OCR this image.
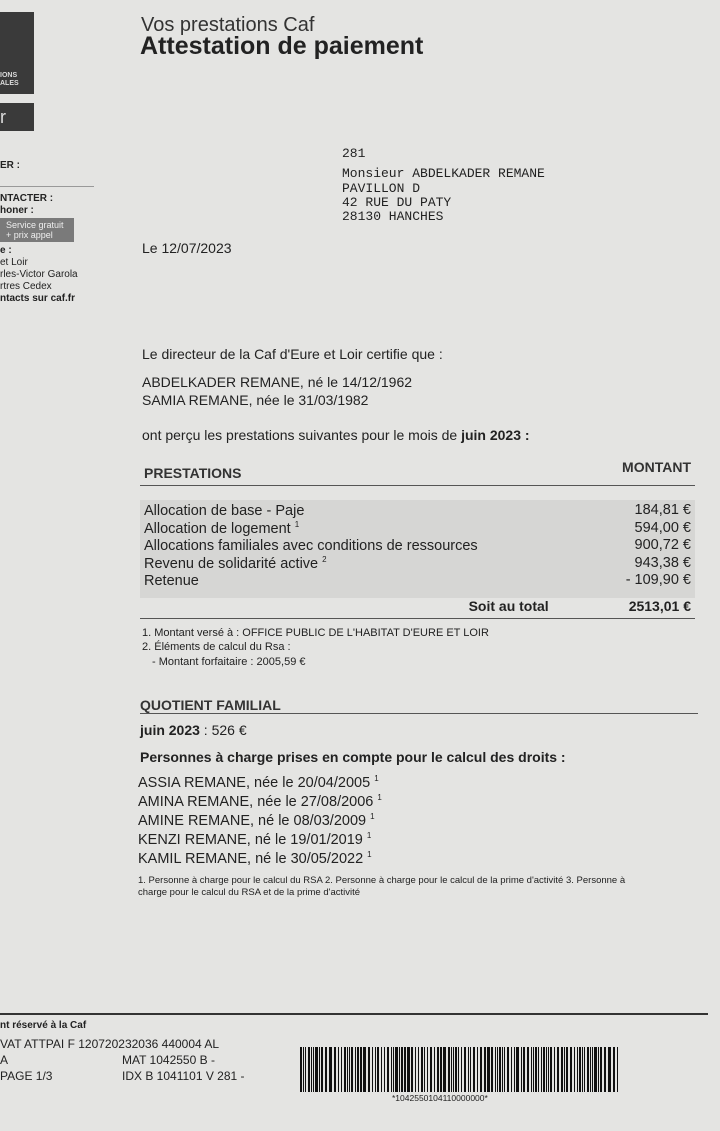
IONS
ALES
r
ER :
NTACTER :
honer :
Service gratuit
+ prix appel
e :
et Loir
rles-Victor Garola
rtres Cedex
ntacts sur caf.fr
Vos prestations Caf
Attestation de paiement
281
Monsieur ABDELKADER REMANE
PAVILLON D
42 RUE DU PATY
28130 HANCHES
Le 12/07/2023
Le directeur de la Caf d'Eure et Loir certifie que :
ABDELKADER REMANE, né le 14/12/1962
SAMIA REMANE, née le 31/03/1982
ont perçu les prestations suivantes pour le mois de juin 2023 :
PRESTATIONS	MONTANT
Allocation de base - Paje	184,81 €
Allocation de logement $^1$	594,00 €
Allocations familiales avec conditions de ressources	900,72 €
Revenu de solidarité active $^2$	943,38 €
Retenue	- 109,90 €
Soit au total	2513,01 €
1. Montant versé à : OFFICE PUBLIC DE L'HABITAT D'EURE ET LOIR
2. Éléments de calcul du Rsa :
- Montant forfaitaire : 2005,59 €
QUOTIENT FAMILIAL
juin 2023 : 526 €
Personnes à charge prises en compte pour le calcul des droits :
ASSIA REMANE, née le 20/04/2005 $^1$
AMINA REMANE, née le 27/08/2006 $^1$
AMINE REMANE, né le 08/03/2009 $^1$
KENZI REMANE, né le 19/01/2019 $^1$
KAMIL REMANE, né le 30/05/2022 $^1$
1. Personne à charge pour le calcul du RSA 2. Personne à charge pour le calcul de la prime d'activité 3. Personne à
charge pour le calcul du RSA et de la prime d'activité
nt réservé à la Caf
VAT ATTPAI F 120720232036 440004 AL
A	MAT 1042550 B -
PAGE 1/3	IDX B 1041101 V 281 -
*1042550104110000000*
